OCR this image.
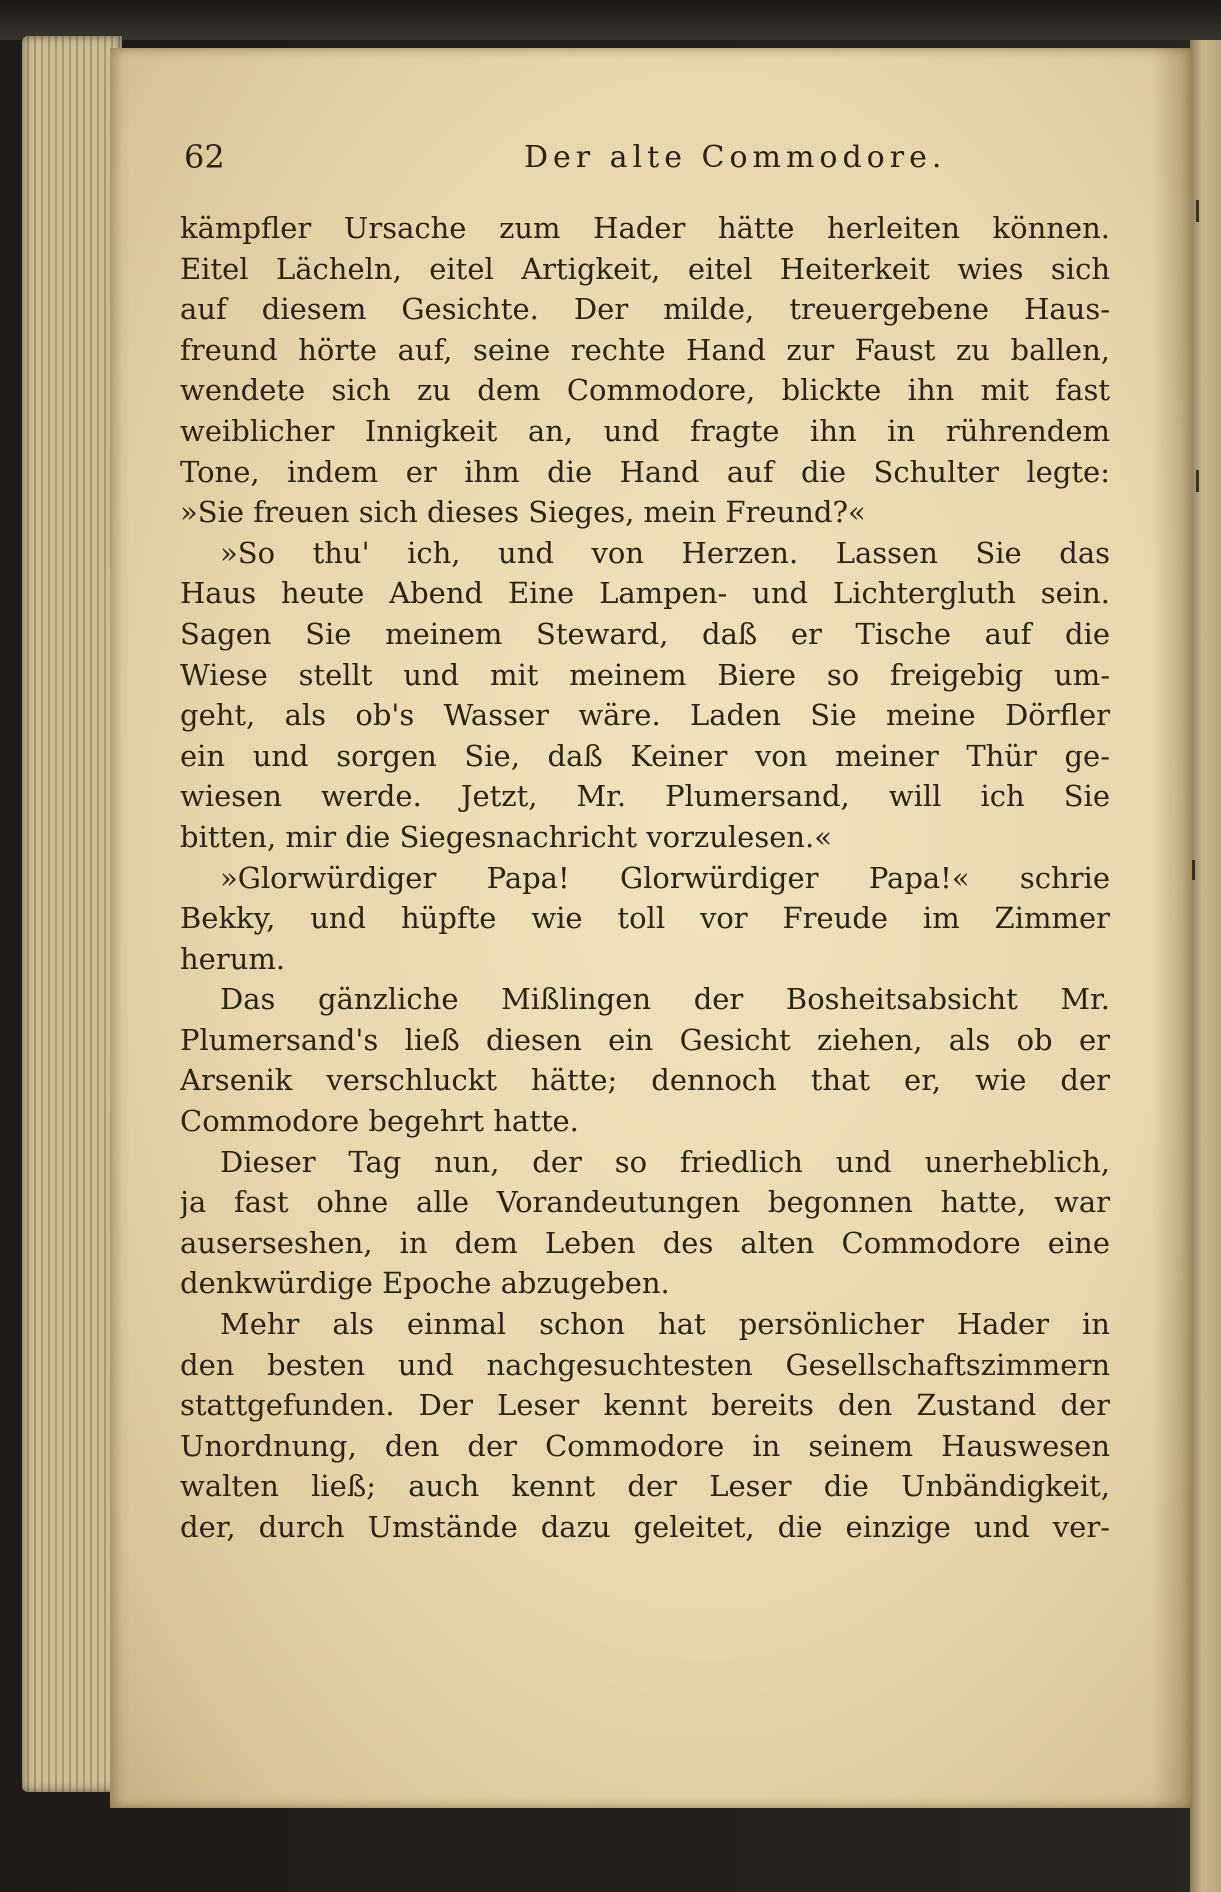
62	Der alte Commodore.
kämpfler Ursache zum Hader hätte herleiten können.
Eitel Lächeln, eitel Artigkeit, eitel Heiterkeit wies sich
auf diesem Gesichte. Der milde, treuergebene Haus-
freund hörte auf, seine rechte Hand zur Faust zu ballen,
wendete sich zu dem Commodore, blickte ihn mit fast
weiblicher Innigkeit an, und fragte ihn in rührendem
Tone, indem er ihm die Hand auf die Schulter legte:
»Sie freuen sich dieses Sieges, mein Freund?«
»So thu' ich, und von Herzen. Lassen Sie das
Haus heute Abend Eine Lampen- und Lichtergluth sein.
Sagen Sie meinem Steward, daß er Tische auf die
Wiese stellt und mit meinem Biere so freigebig um-
geht, als ob's Wasser wäre. Laden Sie meine Dörfler
ein und sorgen Sie, daß Keiner von meiner Thür ge-
wiesen werde. Jetzt, Mr. Plumersand, will ich Sie
bitten, mir die Siegesnachricht vorzulesen.«
»Glorwürdiger Papa! Glorwürdiger Papa!« schrie
Bekky, und hüpfte wie toll vor Freude im Zimmer
herum.
Das gänzliche Mißlingen der Bosheitsabsicht Mr.
Plumersand's ließ diesen ein Gesicht ziehen, als ob er
Arsenik verschluckt hätte; dennoch that er, wie der
Commodore begehrt hatte.
Dieser Tag nun, der so friedlich und unerheblich,
ja fast ohne alle Vorandeutungen begonnen hatte, war
auserseshen, in dem Leben des alten Commodore eine
denkwürdige Epoche abzugeben.
Mehr als einmal schon hat persönlicher Hader in
den besten und nachgesuchtesten Gesellschaftszimmern
stattgefunden. Der Leser kennt bereits den Zustand der
Unordnung, den der Commodore in seinem Hauswesen
walten ließ; auch kennt der Leser die Unbändigkeit,
der, durch Umstände dazu geleitet, die einzige und ver-
